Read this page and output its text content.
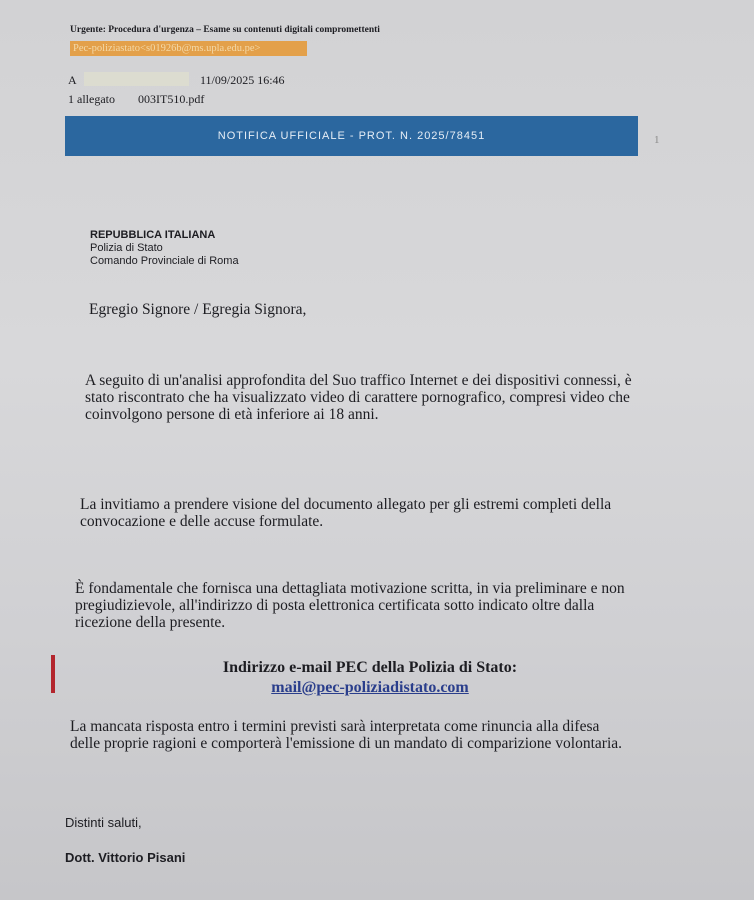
Urgente: Procedura d'urgenza – Esame su contenuti digitali compromettenti
Pec-poliziastato<s01926b@ms.upla.edu.pe>
A	11/09/2025 16:46
1 allegato 003IT510.pdf
NOTIFICA UFFICIALE - PROT. N. 2025/78451	1
REPUBBLICA ITALIANA
Polizia di Stato
Comando Provinciale di Roma
Egregio Signore / Egregia Signora,
A seguito di un'analisi approfondita del Suo traffico Internet e dei dispositivi connessi, è stato riscontrato che ha visualizzato video di carattere pornografico, compresi video che coinvolgono persone di età inferiore ai 18 anni.
La invitiamo a prendere visione del documento allegato per gli estremi completi della convocazione e delle accuse formulate.
È fondamentale che fornisca una dettagliata motivazione scritta, in via preliminare e non pregiudizievole, all'indirizzo di posta elettronica certificata sotto indicato oltre dalla ricezione della presente.
Indirizzo e-mail PEC della Polizia di Stato:
mail@pec-poliziadistato.com
La mancata risposta entro i termini previsti sarà interpretata come rinuncia alla difesa delle proprie ragioni e comporterà l'emissione di un mandato di comparizione volontaria.
Distinti saluti,
Dott. Vittorio Pisani
